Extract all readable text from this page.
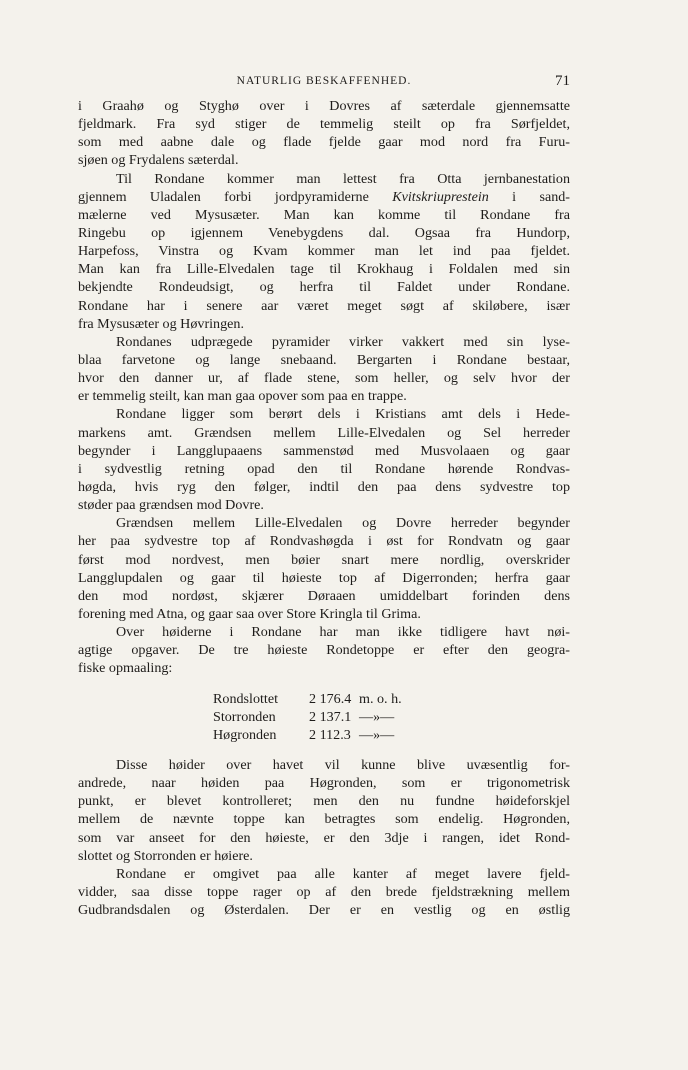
NATURLIG BESKAFFENHED.	71
i Graahø og Styghø over i Dovres af sæterdale gjennemsatte
fjeldmark. Fra syd stiger de temmelig steilt op fra Sørfjeldet,
som med aabne dale og flade fjelde gaar mod nord fra Furu-
sjøen og Frydalens sæterdal.
Til Rondane kommer man lettest fra Otta jernbanestation
gjennem Uladalen forbi jordpyramiderne Kvitskriuprestein i sand-
mælerne ved Mysusæter. Man kan komme til Rondane fra
Ringebu op igjennem Venebygdens dal. Ogsaa fra Hundorp,
Harpefoss, Vinstra og Kvam kommer man let ind paa fjeldet.
Man kan fra Lille-Elvedalen tage til Krokhaug i Foldalen med sin
bekjendte Rondeudsigt, og herfra til Faldet under Rondane.
Rondane har i senere aar været meget søgt af skiløbere, især
fra Mysusæter og Høvringen.
Rondanes udprægede pyramider virker vakkert med sin lyse-
blaa farvetone og lange snebaand. Bergarten i Rondane bestaar,
hvor den danner ur, af flade stene, som heller, og selv hvor der
er temmelig steilt, kan man gaa opover som paa en trappe.
Rondane ligger som berørt dels i Kristians amt dels i Hede-
markens amt. Grændsen mellem Lille-Elvedalen og Sel herreder
begynder i Langglupaaens sammenstød med Musvolaaen og gaar
i sydvestlig retning opad den til Rondane hørende Rondvas-
høgda, hvis ryg den følger, indtil den paa dens sydvestre top
støder paa grændsen mod Dovre.
Grændsen mellem Lille-Elvedalen og Dovre herreder begynder
her paa sydvestre top af Rondvashøgda i øst for Rondvatn og gaar
først mod nordvest, men bøier snart mere nordlig, overskrider
Langglupdalen og gaar til høieste top af Digerronden; herfra gaar
den mod nordøst, skjærer Døraaen umiddelbart forinden dens
forening med Atna, og gaar saa over Store Kringla til Grima.
Over høiderne i Rondane har man ikke tidligere havt nøi-
agtige opgaver. De tre høieste Rondetoppe er efter den geogra-
fiske opmaaling:
Rondslottet	2 176.4 m. o. h.
Storronden	2 137.1 —»—
Høgronden	2 112.3 —»—
Disse høider over havet vil kunne blive uvæsentlig for-
andrede, naar høiden paa Høgronden, som er trigonometrisk
punkt, er blevet kontrolleret; men den nu fundne høideforskjel
mellem de nævnte toppe kan betragtes som endelig. Høgronden,
som var anseet for den høieste, er den 3dje i rangen, idet Rond-
slottet og Storronden er høiere.
Rondane er omgivet paa alle kanter af meget lavere fjeld-
vidder, saa disse toppe rager op af den brede fjeldstrækning mellem
Gudbrandsdalen og Østerdalen. Der er en vestlig og en østlig
